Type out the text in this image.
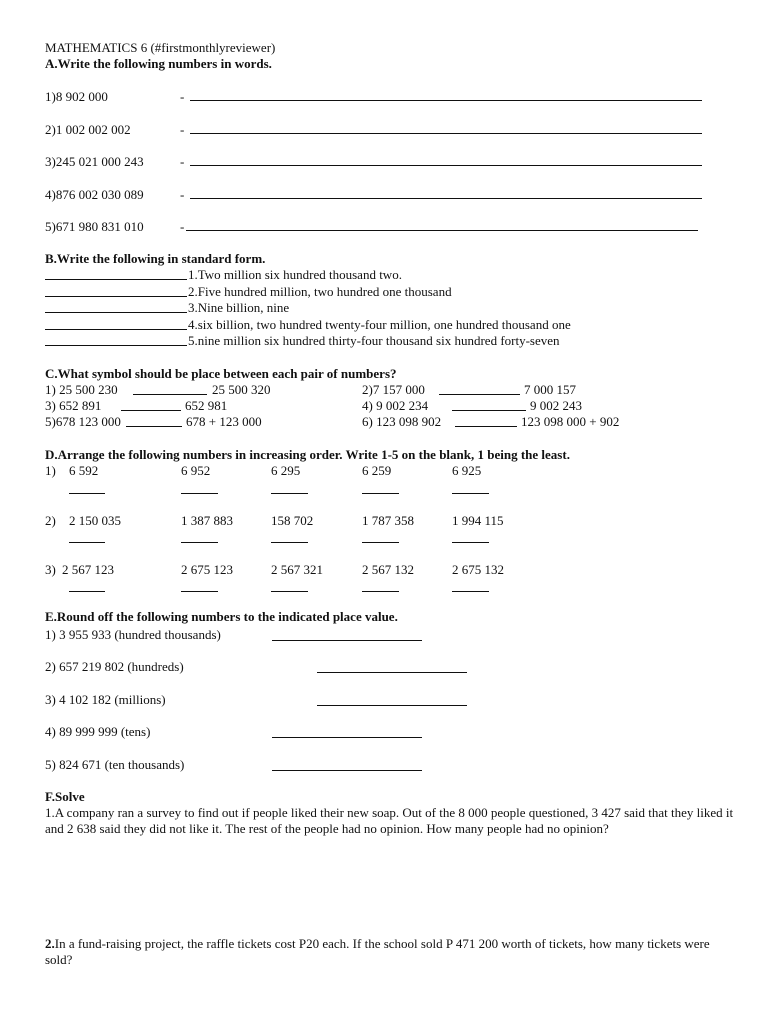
MATHEMATICS 6 (#firstmonthlyreviewer)
A.Write the following numbers in words.
1)8 902 000	-
2)1 002 002 002	-
3)245 021 000 243	-
4)876 002 030 089	-
5)671 980 831 010	-
B.Write the following in standard form.
1.Two million six hundred thousand two.
2.Five hundred million, two hundred one thousand
3.Nine billion, nine
4.six billion, two hundred twenty-four million, one hundred thousand one
5.nine million six hundred thirty-four thousand six hundred forty-seven
C.What symbol should be place between each pair of numbers?
1) 25 500 230	25 500 320	2)7 157 000	7 000 157
3) 652 891	652 981	4) 9 002 234	9 002 243
5)678 123 000	678 + 123 000	6) 123 098 902	123 098 000 + 902
D.Arrange the following numbers in increasing order. Write 1-5 on the blank, 1 being the least.
1) 6 592	6 952	6 295	6 259	6 925
2) 2 150 035	1 387 883	158 702	1 787 358	1 994 115
3) 2 567 123	2 675 123	2 567 321	2 567 132	2 675 132
E.Round off the following numbers to the indicated place value.
1) 3 955 933 (hundred thousands)
2) 657 219 802 (hundreds)
3) 4 102 182 (millions)
4) 89 999 999 (tens)
5) 824 671 (ten thousands)
F.Solve
1.A company ran a survey to find out if people liked their new soap. Out of the 8 000 people questioned, 3 427 said that they liked it and 2 638 said they did not like it. The rest of the people had no opinion. How many people had no opinion?
2.In a fund-raising project, the raffle tickets cost P20 each. If the school sold P 471 200 worth of tickets, how many tickets were sold?
